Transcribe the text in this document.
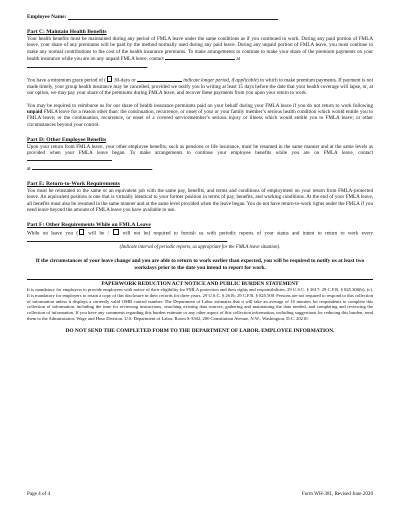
Employee Name:

Part C: Maintain Health Benefits

Your health benefits must be maintained during any period of FMLA leave under the same conditions as if you continued to work. During any paid portion of FMLA leave, your share of any premiums will be paid by the method normally used during any paid leave. During any unpaid portion of FMLA leave, you must continue to make any normal contributions to the cost of the health insurance premiums. To make arrangements to continue to make your share of the premium payments on your health insurance while you are on any unpaid FMLA leave, contact	at

.

You have a minimum grace period of ( 30-days or	indicate longer period, if applicable) in which to make premium payments. If payment is not made timely, your group health insurance may be cancelled, provided we notify you in writing at least 15 days before the date that your health coverage will lapse, or, at our option, we may pay your share of the premiums during FMLA leave, and recover these payments from you upon your return to work.

You may be required to reimburse us for our share of health insurance premiums paid on your behalf during your FMLA leave if you do not return to work following unpaid FMLA leave for a reason other than: the continuation, recurrence, or onset of your or your family member’s serious health condition which would entitle you to FMLA leave; or the continuation, recurrence, or onset of a covered servicemember’s serious injury or illness which would entitle you to FMLA leave; or other circumstances beyond your control.

Part D: Other Employee Benefits

Upon your return from FMLA leave, your other employee benefits, such as pensions or life insurance, must be resumed in the same manner and at the same levels as provided when your FMLA leave began. To make arrangements to continue your employee benefits while you are on FMLA leave, contact

at	.

Part E: Return-to-Work Requirements

You must be reinstated to the same or an equivalent job with the same pay, benefits, and terms and conditions of employment on your return from FMLA-protected leave. An equivalent position is one that is virtually identical to your former position in terms of pay, benefits, and working conditions. At the end of your FMLA leave, all benefits must also be resumed in the same manner and at the same level provided when the leave began. You do not have return-to-work rights under the FMLA if you need leave beyond the amount of FMLA leave you have available to use.

Part F: Other Requirements While on FMLA Leave

While on leave you ( will be /  will not be) required to furnish us with periodic reports of your status and intent to return to work every .

(Indicate interval of periodic reports, as appropriate for the FMLA leave situation).

If the circumstances of your leave change and you are able to return to work earlier than expected, you will be required to notify us at least two workdays prior to the date you intend to report for work.

PAPERWORK REDUCTION ACT NOTICE AND PUBLIC BURDEN STATEMENT

It is mandatory for employers to provide employees with notice of their eligibility for FMLA protection and their rights and responsibilities. 29 U.S.C. § 2617; 29 C.F.R. § 825.300(b), (c). It is mandatory for employers to retain a copy of this disclosure in their records for three years. 29 U.S.C. § 2616; 29 C.F.R. § 825.500. Persons are not required to respond to this collection of information unless it displays a currently valid OMB control number. The Department of Labor estimates that it will take an average of 10 minutes for respondents to complete this collection of information, including the time for reviewing instructions, searching existing data sources, gathering and maintaining the data needed, and completing and reviewing the collection of information. If you have any comments regarding this burden estimate or any other aspect of this collection information, including suggestions for reducing this burden, send them to the Administrator, Wage and Hour Division, U.S. Department of Labor, Room S-3502, 200 Constitution Avenue, N.W., Washington, D.C. 20210.

DO NOT SEND THE COMPLETED FORM TO THE DEPARTMENT OF LABOR. EMPLOYEE INFORMATION.

Page 4 of 4	Form WH-381, Revised June 2020
